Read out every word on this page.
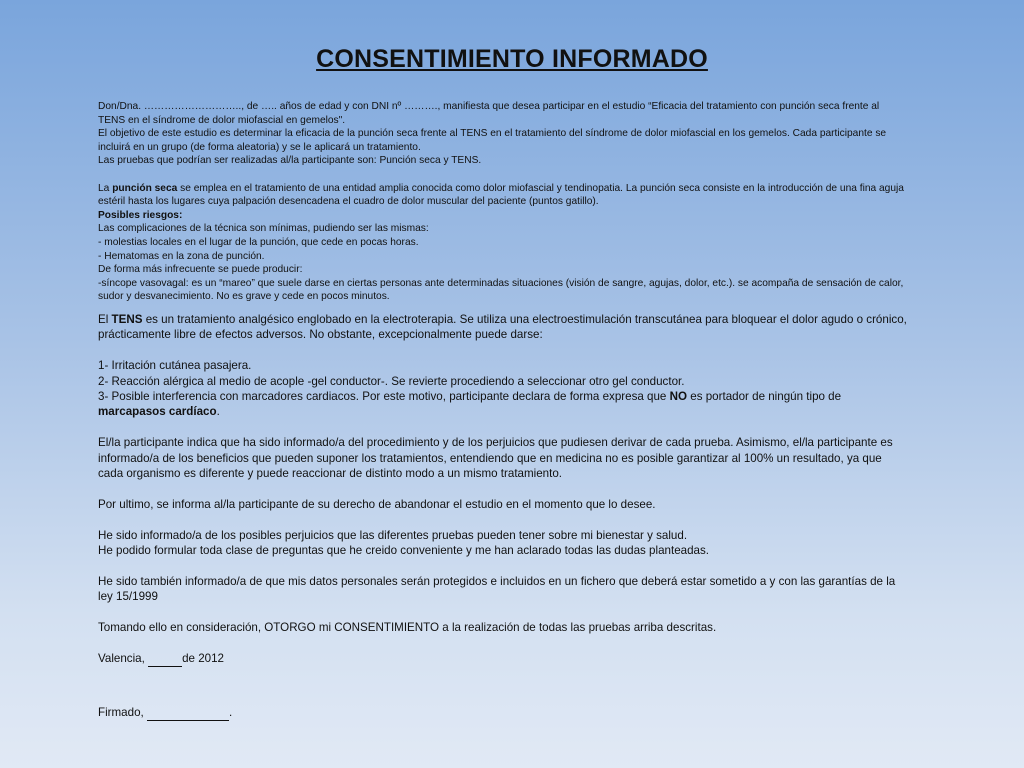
CONSENTIMIENTO INFORMADO

Don/Dna. ……………………….., de ….. años de edad y con DNI nº ………., manifiesta que desea participar en el estudio “Eficacia del tratamiento con punción seca frente al TENS en el síndrome de dolor miofascial en gemelos".

El objetivo de este estudio es determinar la eficacia de la punción seca frente al TENS en el tratamiento del síndrome de dolor miofascial en los gemelos. Cada participante se incluirá en un grupo (de forma aleatoria) y se le aplicará un tratamiento.

Las pruebas que podrían ser realizadas al/la participante son: Punción seca y TENS.

La punción seca se emplea en el tratamiento de una entidad amplia conocida como dolor miofascial y tendinopatia. La punción seca consiste en la introducción de una fina aguja estéril hasta los lugares cuya palpación desencadena el cuadro de dolor muscular del paciente (puntos gatillo).

Posibles riesgos:

Las complicaciones de la técnica son mínimas, pudiendo ser las mismas:

- molestias locales en el lugar de la punción, que cede en pocas horas.

- Hematomas en la zona de punción.

De forma más infrecuente se puede producir:

-síncope vasovagal: es un “mareo” que suele darse en ciertas personas ante determinadas situaciones (visión de sangre, agujas, dolor, etc.). se acompaña de sensación de calor, sudor y desvanecimiento. No es grave y cede en pocos minutos.

El TENS es un tratamiento analgésico englobado en la electroterapia. Se utiliza una electroestimulación transcutánea para bloquear el dolor agudo o crónico, prácticamente libre de efectos adversos. No obstante, excepcionalmente puede darse:

1- Irritación cutánea pasajera.

2- Reacción alérgica al medio de acople -gel conductor-. Se revierte procediendo a seleccionar otro gel conductor.

3- Posible interferencia con marcadores cardiacos. Por este motivo, participante declara de forma expresa que NO es portador de ningún tipo de marcapasos cardíaco.

El/la participante indica que ha sido informado/a del procedimiento y de los perjuicios que pudiesen derivar de cada prueba. Asimismo, el/la participante es informado/a de los beneficios que pueden suponer los tratamientos, entendiendo que en medicina no es posible garantizar al 100% un resultado, ya que cada organismo es diferente y puede reaccionar de distinto modo a un mismo tratamiento.

Por ultimo, se informa al/la participante de su derecho de abandonar el estudio en el momento que lo desee.

He sido informado/a de los posibles perjuicios que las diferentes pruebas pueden tener sobre mi bienestar y salud.

He podido formular toda clase de preguntas que he creido conveniente y me han aclarado todas las dudas planteadas.

He sido también informado/a de que mis datos personales serán protegidos e incluidos en un fichero que deberá estar sometido a y con las garantías de la ley 15/1999

Tomando ello en consideración, OTORGO mi CONSENTIMIENTO a la realización de todas las pruebas arriba descritas.

Valencia,	de 2012

Firmado,	.
